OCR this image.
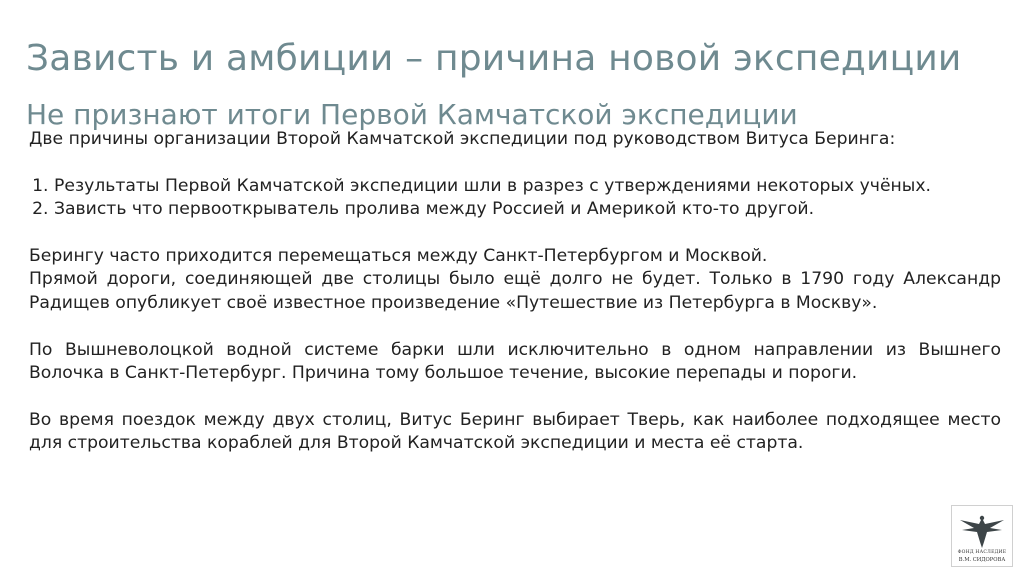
Зависть и амбиции – причина новой экспедиции
Не признают итоги Первой Камчатской экспедиции

Две причины организации Второй Камчатской экспедиции под руководством Витуса Беринга:

1. Результаты Первой Камчатской экспедиции шли в разрез с утверждениями некоторых учёных.
2. Зависть что первооткрыватель пролива между Россией и Америкой кто-то другой.

Берингу часто приходится перемещаться между Санкт-Петербургом и Москвой.

Прямой дороги, соединяющей две столицы было ещё долго не будет. Только в 1790 году Александр Радищев опубликует своё известное произведение «Путешествие из Петербурга в Москву».

По Вышневолоцкой водной системе барки шли исключительно в одном направлении из Вышнего Волочка в Санкт-Петербург. Причина тому большое течение, высокие перепады и пороги.

Во время поездок между двух столиц, Витус Беринг выбирает Тверь, как наиболее подходящее место для строительства кораблей для Второй Камчатской экспедиции и места её старта.

ФОНД НАСЛЕДИЕ
В.М. СИДОРОВА
